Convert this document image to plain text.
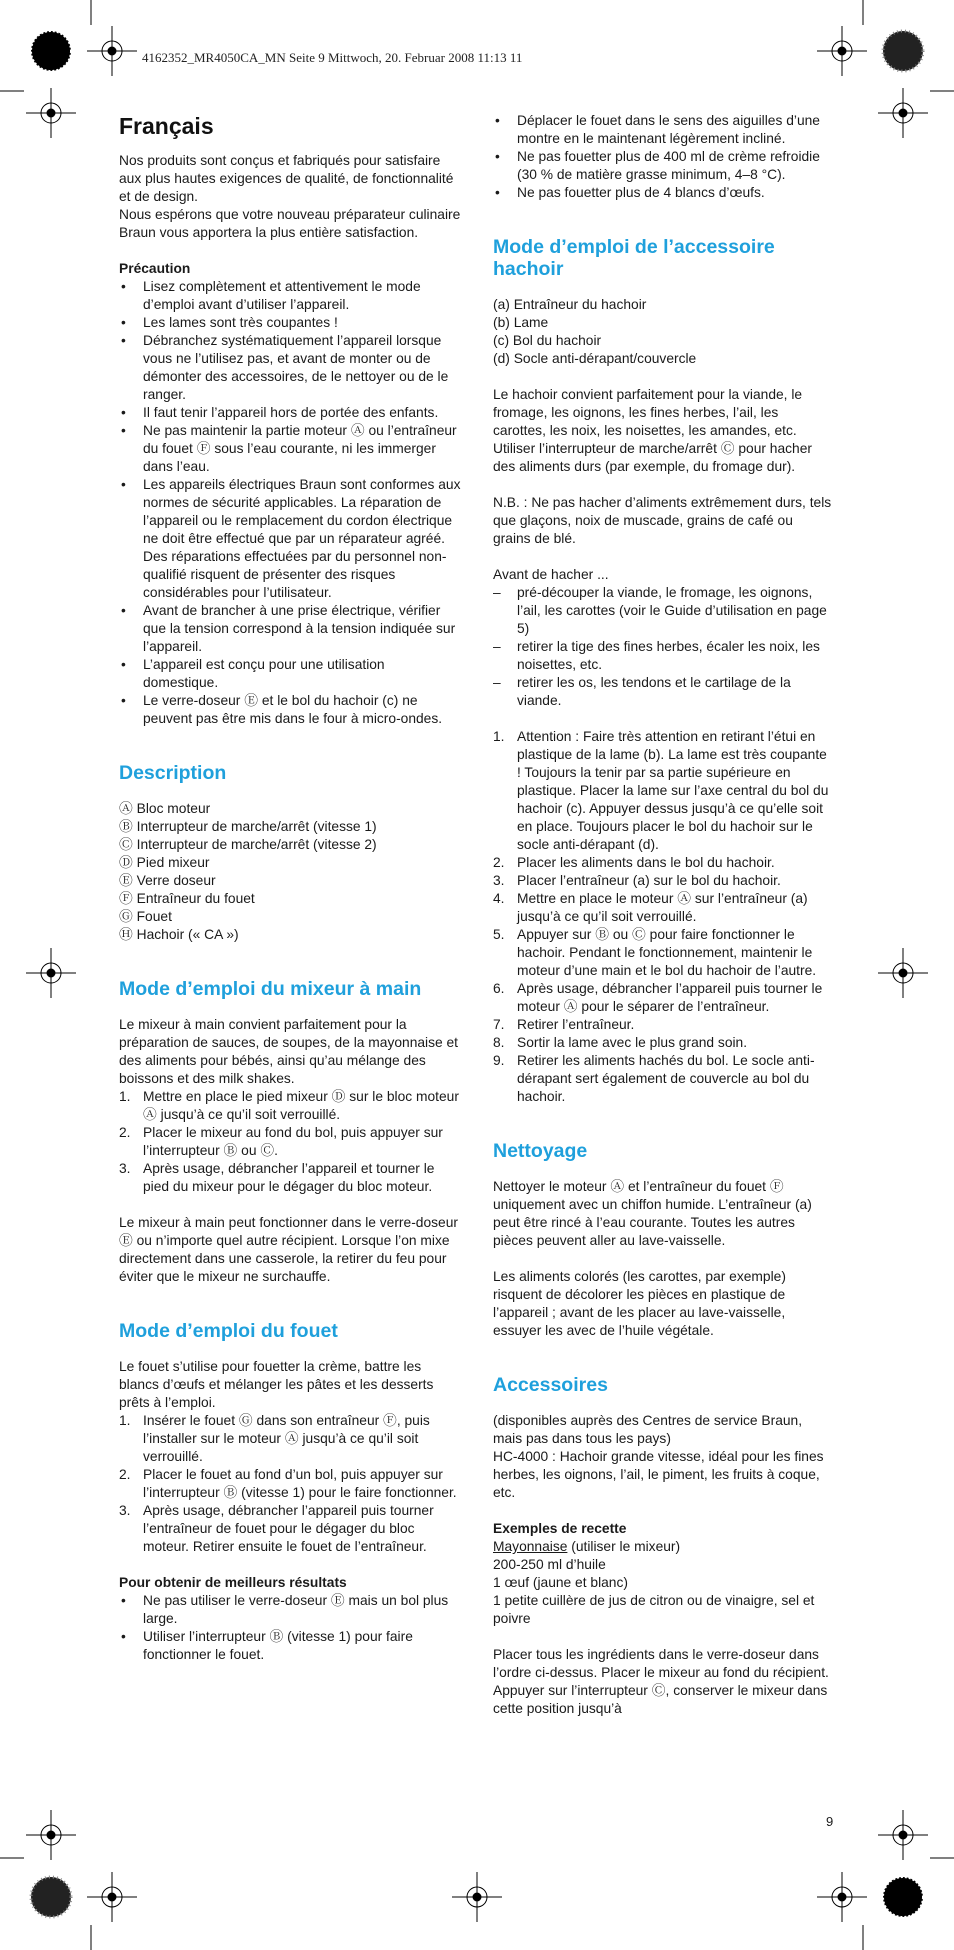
4162352_MR4050CA_MN Seite 9 Mittwoch, 20. Februar 2008 11:13 11
Français

Nos produits sont conçus et fabriqués pour satisfaire aux plus hautes exigences de qualité, de fonctionnalité et de design.

Nous espérons que votre nouveau préparateur culinaire Braun vous apportera la plus entière satisfaction.

Précaution

• Lisez complètement et attentivement le mode d’emploi avant d’utiliser l’appareil.
• Les lames sont très coupantes !
• Débranchez systématiquement l’appareil lorsque vous ne l’utilisez pas, et avant de monter ou de démonter des accessoires, de le nettoyer ou de le ranger.
• Il faut tenir l’appareil hors de portée des enfants.
• Ne pas maintenir la partie moteur Ⓐ ou l’entraîneur du fouet Ⓕ sous l’eau courante, ni les immerger dans l’eau.
• Les appareils électriques Braun sont conformes aux normes de sécurité applicables. La réparation de l’appareil ou le remplacement du cordon électrique ne doit être effectué que par un réparateur agréé. Des réparations effectuées par du personnel non-qualifié risquent de présenter des risques considérables pour l’utilisateur.
• Avant de brancher à une prise électrique, vérifier que la tension correspond à la tension indiquée sur l’appareil.
• L’appareil est conçu pour une utilisation domestique.
• Le verre-doseur Ⓔ et le bol du hachoir (c) ne peuvent pas être mis dans le four à micro-ondes.
Description
Ⓐ Bloc moteur
Ⓑ Interrupteur de marche/arrêt (vitesse 1)
Ⓒ Interrupteur de marche/arrêt (vitesse 2)
Ⓓ Pied mixeur
Ⓔ Verre doseur
Ⓕ Entraîneur du fouet
Ⓖ Fouet
Ⓗ Hachoir (« CA »)
Mode d’emploi du mixeur à main

Le mixeur à main convient parfaitement pour la préparation de sauces, de soupes, de la mayonnaise et des aliments pour bébés, ainsi qu’au mélange des boissons et des milk shakes.

1. Mettre en place le pied mixeur Ⓓ sur le bloc moteur Ⓐ jusqu’à ce qu’il soit verrouillé.
2. Placer le mixeur au fond du bol, puis appuyer sur l’interrupteur Ⓑ ou Ⓒ.
3. Après usage, débrancher l’appareil et tourner le pied du mixeur pour le dégager du bloc moteur.

Le mixeur à main peut fonctionner dans le verre-doseur Ⓔ ou n’importe quel autre récipient. Lorsque l’on mixe directement dans une casserole, la retirer du feu pour éviter que le mixeur ne surchauffe.

Mode d’emploi du fouet

Le fouet s’utilise pour fouetter la crème, battre les blancs d’œufs et mélanger les pâtes et les desserts prêts à l’emploi.

1. Insérer le fouet Ⓖ dans son entraîneur Ⓕ, puis l’installer sur le moteur Ⓐ jusqu’à ce qu’il soit verrouillé.
2. Placer le fouet au fond d’un bol, puis appuyer sur l’interrupteur Ⓑ (vitesse 1) pour le faire fonctionner.
3. Après usage, débrancher l’appareil puis tourner l’entraîneur de fouet pour le dégager du bloc moteur. Retirer ensuite le fouet de l’entraîneur.

Pour obtenir de meilleurs résultats

• Ne pas utiliser le verre-doseur Ⓔ mais un bol plus large.
• Utiliser l’interrupteur Ⓑ (vitesse 1) pour faire fonctionner le fouet.
• Déplacer le fouet dans le sens des aiguilles d’une montre en le maintenant légèrement incliné.
• Ne pas fouetter plus de 400 ml de crème refroidie (30 % de matière grasse minimum, 4–8 °C).
• Ne pas fouetter plus de 4 blancs d’œufs.
Mode d’emploi de l’accessoire hachoir
(a) Entraîneur du hachoir
(b) Lame
(c) Bol du hachoir
(d) Socle anti-dérapant/couvercle

Le hachoir convient parfaitement pour la viande, le fromage, les oignons, les fines herbes, l’ail, les carottes, les noix, les noisettes, les amandes, etc. Utiliser l’interrupteur de marche/arrêt Ⓒ pour hacher des aliments durs (par exemple, du fromage dur).

N.B. : Ne pas hacher d’aliments extrêmement durs, tels que glaçons, noix de muscade, grains de café ou grains de blé.

Avant de hacher ...

– pré-découper la viande, le fromage, les oignons, l’ail, les carottes (voir le Guide d’utilisation en page 5)
– retirer la tige des fines herbes, écaler les noix, les noisettes, etc.
– retirer les os, les tendons et le cartilage de la viande.
1. Attention : Faire très attention en retirant l’étui en plastique de la lame (b). La lame est très coupante ! Toujours la tenir par sa partie supérieure en plastique. Placer la lame sur l’axe central du bol du hachoir (c). Appuyer dessus jusqu’à ce qu’elle soit en place. Toujours placer le bol du hachoir sur le socle anti-dérapant (d).
2. Placer les aliments dans le bol du hachoir.
3. Placer l’entraîneur (a) sur le bol du hachoir.
4. Mettre en place le moteur Ⓐ sur l’entraîneur (a) jusqu’à ce qu’il soit verrouillé.
5. Appuyer sur Ⓑ ou Ⓒ pour faire fonctionner le hachoir. Pendant le fonctionnement, maintenir le moteur d’une main et le bol du hachoir de l’autre.
6. Après usage, débrancher l’appareil puis tourner le moteur Ⓐ pour le séparer de l’entraîneur.
7. Retirer l’entraîneur.
8. Sortir la lame avec le plus grand soin.
9. Retirer les aliments hachés du bol. Le socle anti-dérapant sert également de couvercle au bol du hachoir.
Nettoyage

Nettoyer le moteur Ⓐ et l’entraîneur du fouet Ⓕ uniquement avec un chiffon humide. L’entraîneur (a) peut être rincé à l’eau courante. Toutes les autres pièces peuvent aller au lave-vaisselle.

Les aliments colorés (les carottes, par exemple) risquent de décolorer les pièces en plastique de l’appareil ; avant de les placer au lave-vaisselle, essuyer les avec de l’huile végétale.

Accessoires

(disponibles auprès des Centres de service Braun, mais pas dans tous les pays)

HC-4000 : Hachoir grande vitesse, idéal pour les fines herbes, les oignons, l’ail, le piment, les fruits à coque, etc.

Exemples de recette

Mayonnaise (utiliser le mixeur)

200-250 ml d’huile

1 œuf (jaune et blanc)

1 petite cuillère de jus de citron ou de vinaigre, sel et poivre

Placer tous les ingrédients dans le verre-doseur dans l’ordre ci-dessus. Placer le mixeur au fond du récipient. Appuyer sur l’interrupteur Ⓒ, conserver le mixeur dans cette position jusqu’à

9
